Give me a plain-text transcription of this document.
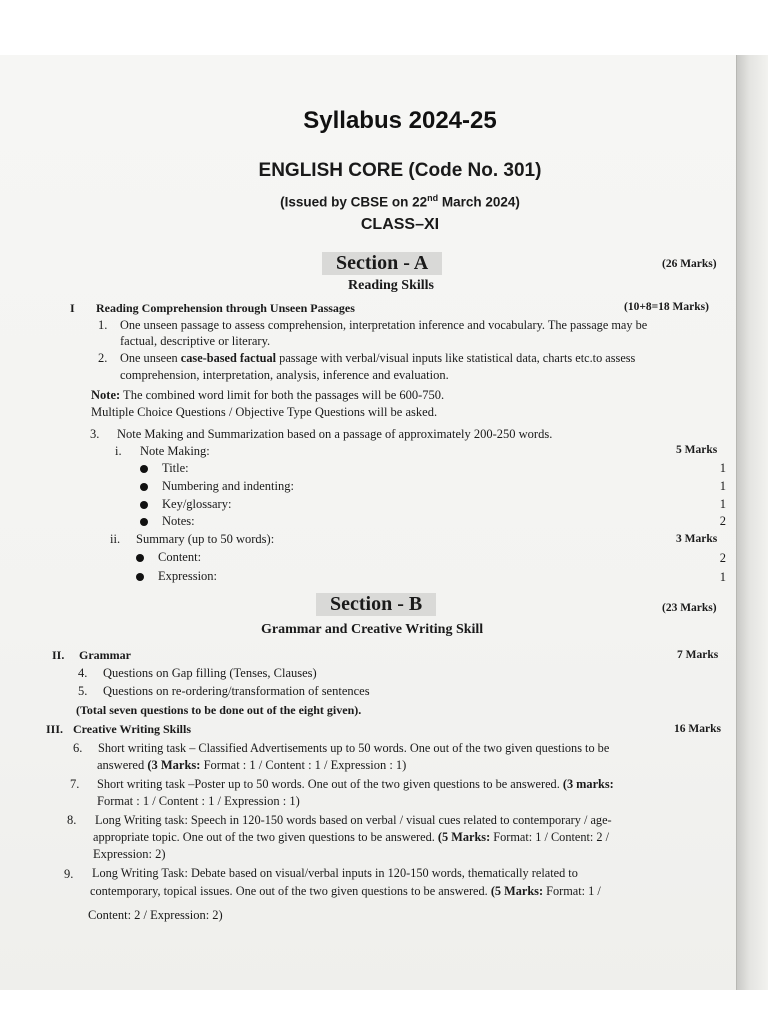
Syllabus 2024-25
ENGLISH CORE (Code No. 301)
(Issued by CBSE on 22nd March 2024)
CLASS–XI
Section - A	(26 Marks)
Reading Skills
I Reading Comprehension through Unseen Passages	(10+8=18 Marks)
1. One unseen passage to assess comprehension, interpretation inference and vocabulary. The passage may be
factual, descriptive or literary.
2. One unseen case-based factual passage with verbal/visual inputs like statistical data, charts etc.to assess
comprehension, interpretation, analysis, inference and evaluation.
Note: The combined word limit for both the passages will be 600-750.
Multiple Choice Questions / Objective Type Questions will be asked.
3. Note Making and Summarization based on a passage of approximately 200-250 words.
i. Note Making:	5 Marks
Title:	1
Numbering and indenting:	1
Key/glossary:	1
Notes:	2
ii. Summary (up to 50 words):	3 Marks
Content:	2
Expression:	1
Section - B	(23 Marks)
Grammar and Creative Writing Skill
II. Grammar	7 Marks
4. Questions on Gap filling (Tenses, Clauses)
5. Questions on re-ordering/transformation of sentences
(Total seven questions to be done out of the eight given).
III. Creative Writing Skills	16 Marks
6. Short writing task – Classified Advertisements up to 50 words. One out of the two given questions to be
answered (3 Marks: Format : 1 / Content : 1 / Expression : 1)
7. Short writing task –Poster up to 50 words. One out of the two given questions to be answered. (3 marks:
Format : 1 / Content : 1 / Expression : 1)
8. Long Writing task: Speech in 120-150 words based on verbal / visual cues related to contemporary / age-
appropriate topic. One out of the two given questions to be answered. (5 Marks: Format: 1 / Content: 2 /
Expression: 2)
9. Long Writing Task: Debate based on visual/verbal inputs in 120-150 words, thematically related to
contemporary, topical issues. One out of the two given questions to be answered. (5 Marks: Format: 1 /
Content: 2 / Expression: 2)
